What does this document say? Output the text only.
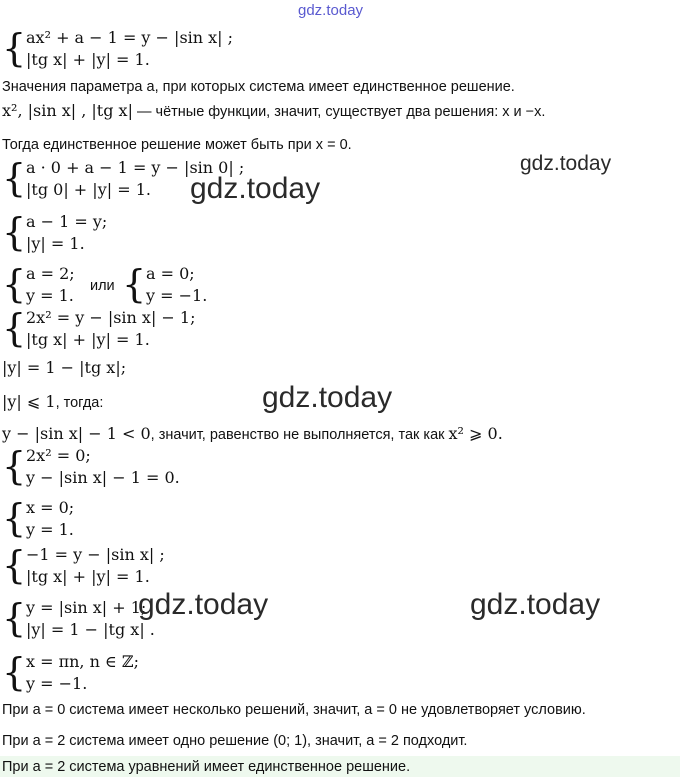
gdz.today
{ ax² + a − 1 = y − |sin x| ;
|tg x| + |y| = 1.
Значения параметра a, при которых система имеет единственное решение.
x², |sin x| , |tg x| — чётные функции, значит, существует два решения: x и −x.
Тогда единственное решение может быть при x = 0.
{ a · 0 + a − 1 = y − |sin 0| ;
|tg 0| + |y| = 1.
gdz.today
gdz.today
{ a − 1 = y;
|y| = 1.
{ a = 2;
y = 1. или { a = 0;
y = −1.
{ 2x² = y − |sin x| − 1;
|tg x| + |y| = 1.
|y| = 1 − |tg x|;
gdz.today
|y| ⩽ 1, тогда:
y − |sin x| − 1 < 0, значит, равенство не выполняется, так как x² ⩾ 0.
{ 2x² = 0;
y − |sin x| − 1 = 0.
{ x = 0;
y = 1.
{ −1 = y − |sin x| ;
|tg x| + |y| = 1.
{ y = |sin x| + 1;
|y| = 1 − |tg x| .
gdz.today	gdz.today
{ x = πn, n ∈ ℤ;
y = −1.
При a = 0 система имеет несколько решений, значит, a = 0 не удовлетворяет условию.
При a = 2 система имеет одно решение (0; 1), значит, a = 2 подходит.
При a = 2 система уравнений имеет единственное решение.
